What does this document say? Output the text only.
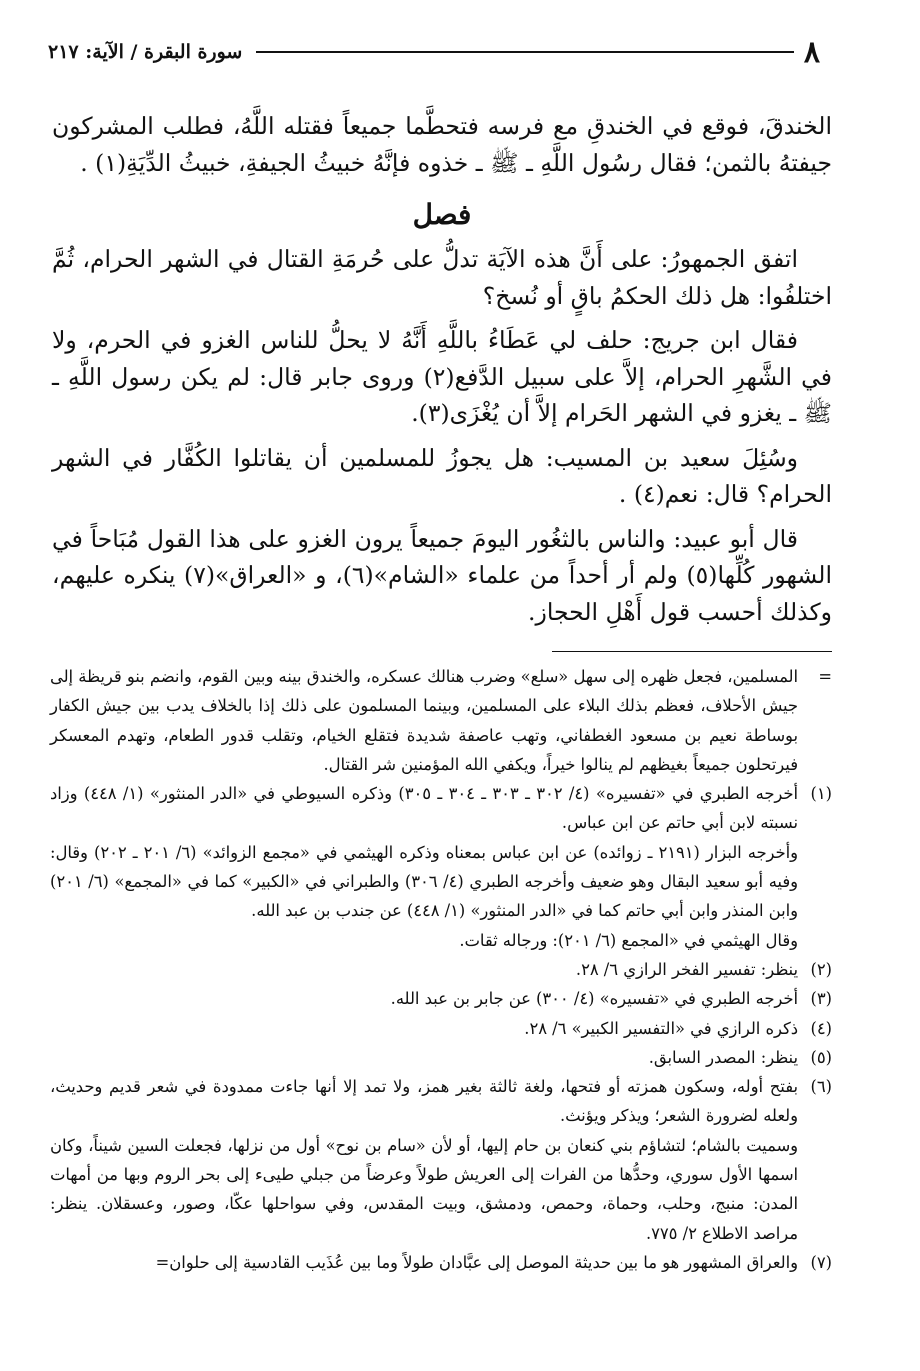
٨
سورة البقرة / الآية: ٢١٧

الخندقَ، فوقع في الخندقِ مع فرسه فتحطَّما جميعاً فقتله اللَّهُ، فطلب المشركون جيفتهُ بالثمن؛ فقال رسُول اللَّهِ ـ ﷺ ـ خذوه فإنَّهُ خبيثُ الجيفةِ، خبيثُ الدِّيَةِ(١) .

فصل

اتفق الجمهورُ: على أَنَّ هذه الآيَة تدلُّ على حُرمَةِ القتال في الشهر الحرام، ثُمَّ اختلفُوا: هل ذلك الحكمُ باقٍ أو نُسخ؟

فقال ابن جريج: حلف لي عَطَاءُ باللَّهِ أَنَّهُ لا يحلُّ للناس الغزو في الحرم، ولا في الشَّهرِ الحرام، إلاَّ على سبيل الدَّفع(٢) وروى جابر قال: لم يكن رسول اللَّهِ ـ ﷺ ـ يغزو في الشهر الحَرام إلاَّ أن يُغْزَى(٣).

وسُئِلَ سعيد بن المسيب: هل يجوزُ للمسلمين أن يقاتلوا الكُفَّار في الشهر الحرام؟ قال: نعم(٤) .

قال أبو عبيد: والناس بالثغُور اليومَ جميعاً يرون الغزو على هذا القول مُبَاحاً في الشهور كُلِّها(٥) ولم أر أحداً من علماء «الشام»(٦)، و «العراق»(٧) ينكره عليهم، وكذلك أحسب قول أَهْلِ الحجاز.

=

المسلمين، فجعل ظهره إلى سهل «سلع» وضرب هنالك عسكره، والخندق بينه وبين القوم، وانضم بنو قريظة إلى جيش الأحلاف، فعظم بذلك البلاء على المسلمين، وبينما المسلمون على ذلك إذا بالخلاف يدب بين جيش الكفار بوساطة نعيم بن مسعود الغطفاني، وتهب عاصفة شديدة فتقلع الخيام، وتقلب قدور الطعام، وتهدم المعسكر فيرتحلون جميعاً بغيظهم لم ينالوا خيراً، ويكفي الله المؤمنين شر القتال.

(١)

أخرجه الطبري في «تفسيره» (٤/ ٣٠٢ ـ ٣٠٣ ـ ٣٠٤ ـ ٣٠٥) وذكره السيوطي في «الدر المنثور» (١/ ٤٤٨) وزاد نسبته لابن أبي حاتم عن ابن عباس.

وأخرجه البزار (٢١٩١ ـ زوائده) عن ابن عباس بمعناه وذكره الهيثمي في «مجمع الزوائد» (٦/ ٢٠١ ـ ٢٠٢) وقال: وفيه أبو سعيد البقال وهو ضعيف وأخرجه الطبري (٤/ ٣٠٦) والطبراني في «الكبير» كما في «المجمع» (٦/ ٢٠١) وابن المنذر وابن أبي حاتم كما في «الدر المنثور» (١/ ٤٤٨) عن جندب بن عبد الله.

وقال الهيثمي في «المجمع (٦/ ٢٠١): ورجاله ثقات.

(٢)

ينظر: تفسير الفخر الرازي ٦/ ٢٨.

(٣)

أخرجه الطبري في «تفسيره» (٤/ ٣٠٠) عن جابر بن عبد الله.

(٤)

ذكره الرازي في «التفسير الكبير» ٦/ ٢٨.

(٥)

ينظر: المصدر السابق.

(٦)

بفتح أوله، وسكون همزته أو فتحها، ولغة ثالثة بغير همز، ولا تمد إلا أنها جاءت ممدودة في شعر قديم وحديث، ولعله لضرورة الشعر؛ ويذكر ويؤنث.

وسميت بالشام؛ لتشاؤم بني كنعان بن حام إليها، أو لأن «سام بن نوح» أول من نزلها، فجعلت السين شيناً، وكان اسمها الأول سوري، وحدُّها من الفرات إلى العريش طولاً وعرضاً من جبلي طيىء إلى بحر الروم وبها من أمهات المدن: منبج، وحلب، وحماة، وحمص، ودمشق، وبيت المقدس، وفي سواحلها عكّا، وصور، وعسقلان. ينظر: مراصد الاطلاع ٢/ ٧٧٥.

(٧)

والعراق المشهور هو ما بين حديثة الموصل إلى عبَّادان طولاً وما بين عُذَيب القادسية إلى حلوان=
